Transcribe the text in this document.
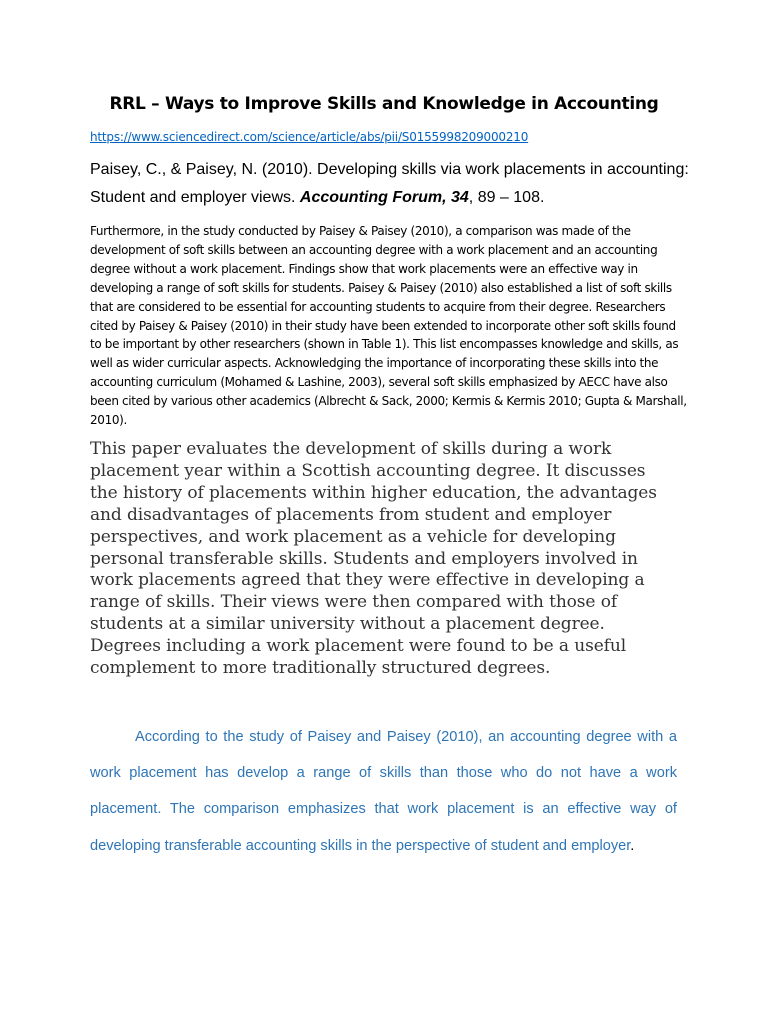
RRL – Ways to Improve Skills and Knowledge in Accounting
https://www.sciencedirect.com/science/article/abs/pii/S0155998209000210
Paisey, C., & Paisey, N. (2010). Developing skills via work placements in accounting: Student and employer views. Accounting Forum, 34, 89 – 108.
Furthermore, in the study conducted by Paisey & Paisey (2010), a comparison was made of the
development of soft skills between an accounting degree with a work placement and an accounting
degree without a work placement. Findings show that work placements were an effective way in
developing a range of soft skills for students. Paisey & Paisey (2010) also established a list of soft skills
that are considered to be essential for accounting students to acquire from their degree. Researchers
cited by Paisey & Paisey (2010) in their study have been extended to incorporate other soft skills found
to be important by other researchers (shown in Table 1). This list encompasses knowledge and skills, as
well as wider curricular aspects. Acknowledging the importance of incorporating these skills into the
accounting curriculum (Mohamed & Lashine, 2003), several soft skills emphasized by AECC have also
been cited by various other academics (Albrecht & Sack, 2000; Kermis & Kermis 2010; Gupta & Marshall,
2010).
This paper evaluates the development of skills during a work
placement year within a Scottish accounting degree. It discusses
the history of placements within higher education, the advantages
and disadvantages of placements from student and employer
perspectives, and work placement as a vehicle for developing
personal transferable skills. Students and employers involved in
work placements agreed that they were effective in developing a
range of skills. Their views were then compared with those of
students at a similar university without a placement degree.
Degrees including a work placement were found to be a useful
complement to more traditionally structured degrees.
According to the study of Paisey and Paisey (2010), an accounting degree with a work placement has develop a range of skills than those who do not have a work placement. The comparison emphasizes that work placement is an effective way of developing transferable accounting skills in the perspective of student and employer.
